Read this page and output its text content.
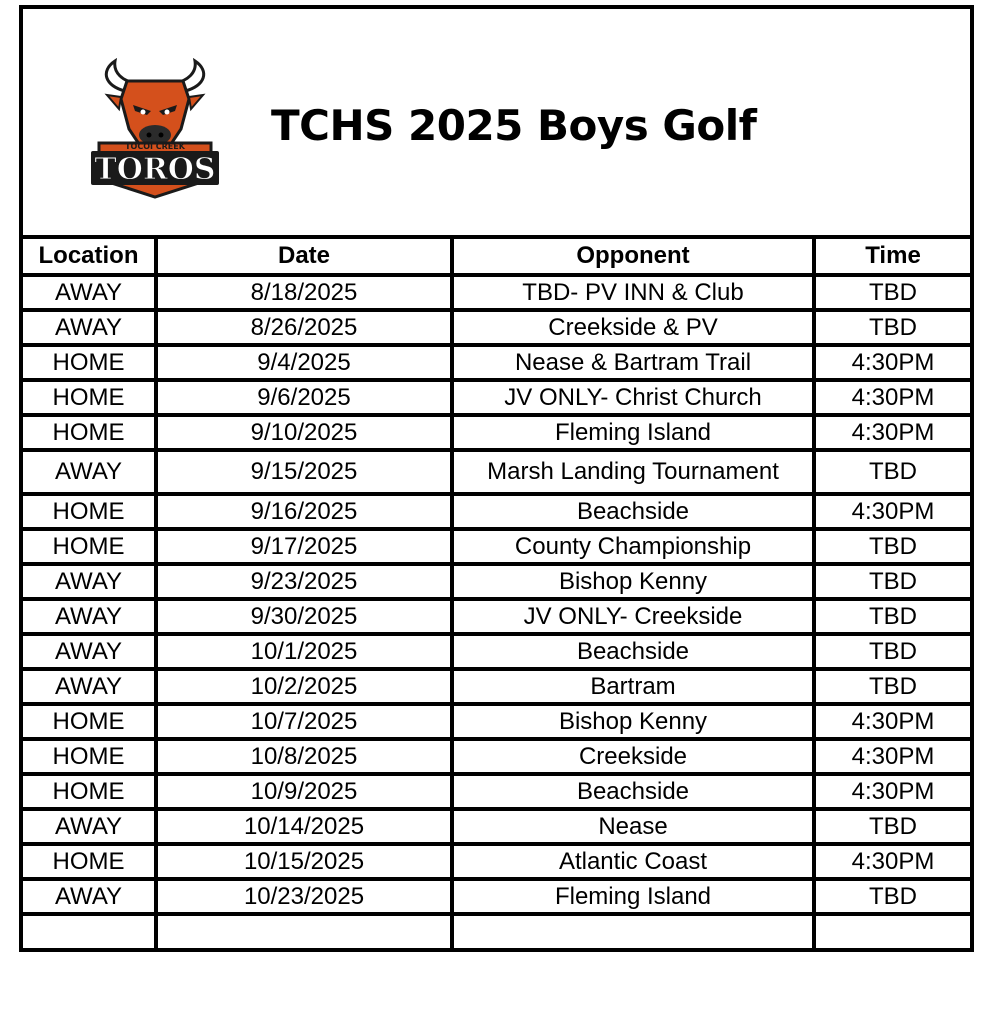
TOCOI CREEK
TOROS
TCHS 2025 Boys Golf
Location	Date	Opponent	Time
AWAY	8/18/2025	TBD- PV INN & Club	TBD
AWAY	8/26/2025	Creekside & PV	TBD
HOME	9/4/2025	Nease & Bartram Trail	4:30PM
HOME	9/6/2025	JV ONLY- Christ Church	4:30PM
HOME	9/10/2025	Fleming Island	4:30PM
AWAY	9/15/2025	Marsh Landing Tournament	TBD
HOME	9/16/2025	Beachside	4:30PM
HOME	9/17/2025	County Championship	TBD
AWAY	9/23/2025	Bishop Kenny	TBD
AWAY	9/30/2025	JV ONLY- Creekside	TBD
AWAY	10/1/2025	Beachside	TBD
AWAY	10/2/2025	Bartram	TBD
HOME	10/7/2025	Bishop Kenny	4:30PM
HOME	10/8/2025	Creekside	4:30PM
HOME	10/9/2025	Beachside	4:30PM
AWAY	10/14/2025	Nease	TBD
HOME	10/15/2025	Atlantic Coast	4:30PM
AWAY	10/23/2025	Fleming Island	TBD
